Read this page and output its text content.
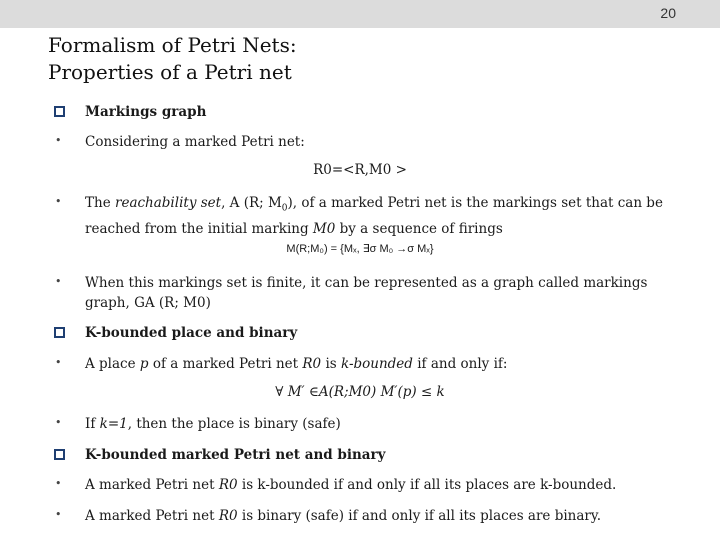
20
Formalism of Petri Nets:
Properties of a Petri net
Markings graph
• Considering a marked Petri net:
R0=<R,M0 >
• The reachability set, A (R; $M_0$), of a marked Petri net is the markings set that can be reached from the initial marking M0 by a sequence of firings
M(R;M₀) = {Mₓ, ∃σ M₀ →σ Mₓ}
• When this markings set is finite, it can be represented as a graph called markings graph, GA (R; M0)
K-bounded place and binary
• A place p of a marked Petri net R0 is k-bounded if and only if:
∀ M′ ∈A(R;M0) M′(p) ≤ k
• If k=1, then the place is binary (safe)
K-bounded marked Petri net and binary
• A marked Petri net R0 is k-bounded if and only if all its places are k-bounded.
• A marked Petri net R0 is binary (safe) if and only if all its places are binary.
